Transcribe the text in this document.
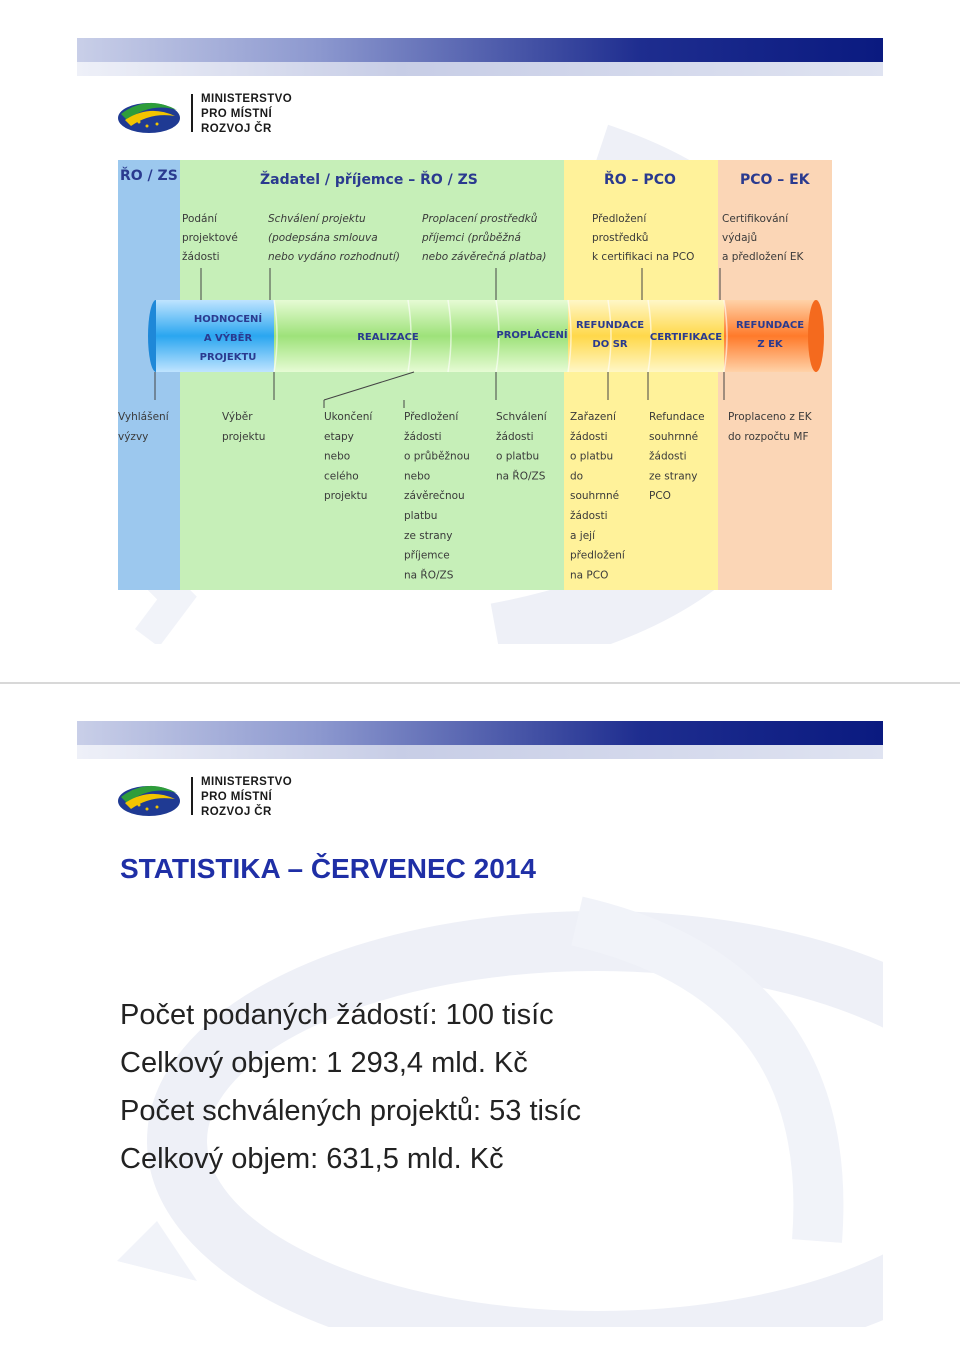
MINISTERSTVO
PRO MÍSTNÍ
ROZVOJ ČR
ŘO / ZS	Žadatel / příjemce – ŘO / ZS	ŘO – PCO	PCO – EK
Podání projektové žádosti
Schválení projektu (podepsána smlouva nebo vydáno rozhodnutí)
Proplacení prostředků příjemci (průběžná nebo závěrečná platba)
Předložení prostředků k certifikaci na PCO
Certifikování výdajů a předložení EK
HODNOCENÍ A VÝBĚR PROJEKTU
REALIZACE	PROPLÁCENÍ
REFUNDACE DO SR
CERTIFIKACE
REFUNDACE Z EK
Vyhlášení výzvy
Výběr projektu
Ukončení etapy nebo celého projektu
Předložení žádosti o průběžnou nebo závěrečnou platbu ze strany příjemce na ŘO/ZS
Schválení žádosti o platbu na ŘO/ZS
Zařazení žádosti o platbu do souhrnné žádosti a její předložení na PCO
Refundace souhrnné žádosti ze strany PCO
Proplaceno z EK do rozpočtu MF
MINISTERSTVO
PRO MÍSTNÍ
ROZVOJ ČR
STATISTIKA – ČERVENEC 2014
Počet podaných žádostí: 100 tisíc
Celkový objem: 1 293,4 mld. Kč
Počet schválených projektů: 53 tisíc
Celkový objem: 631,5 mld. Kč
